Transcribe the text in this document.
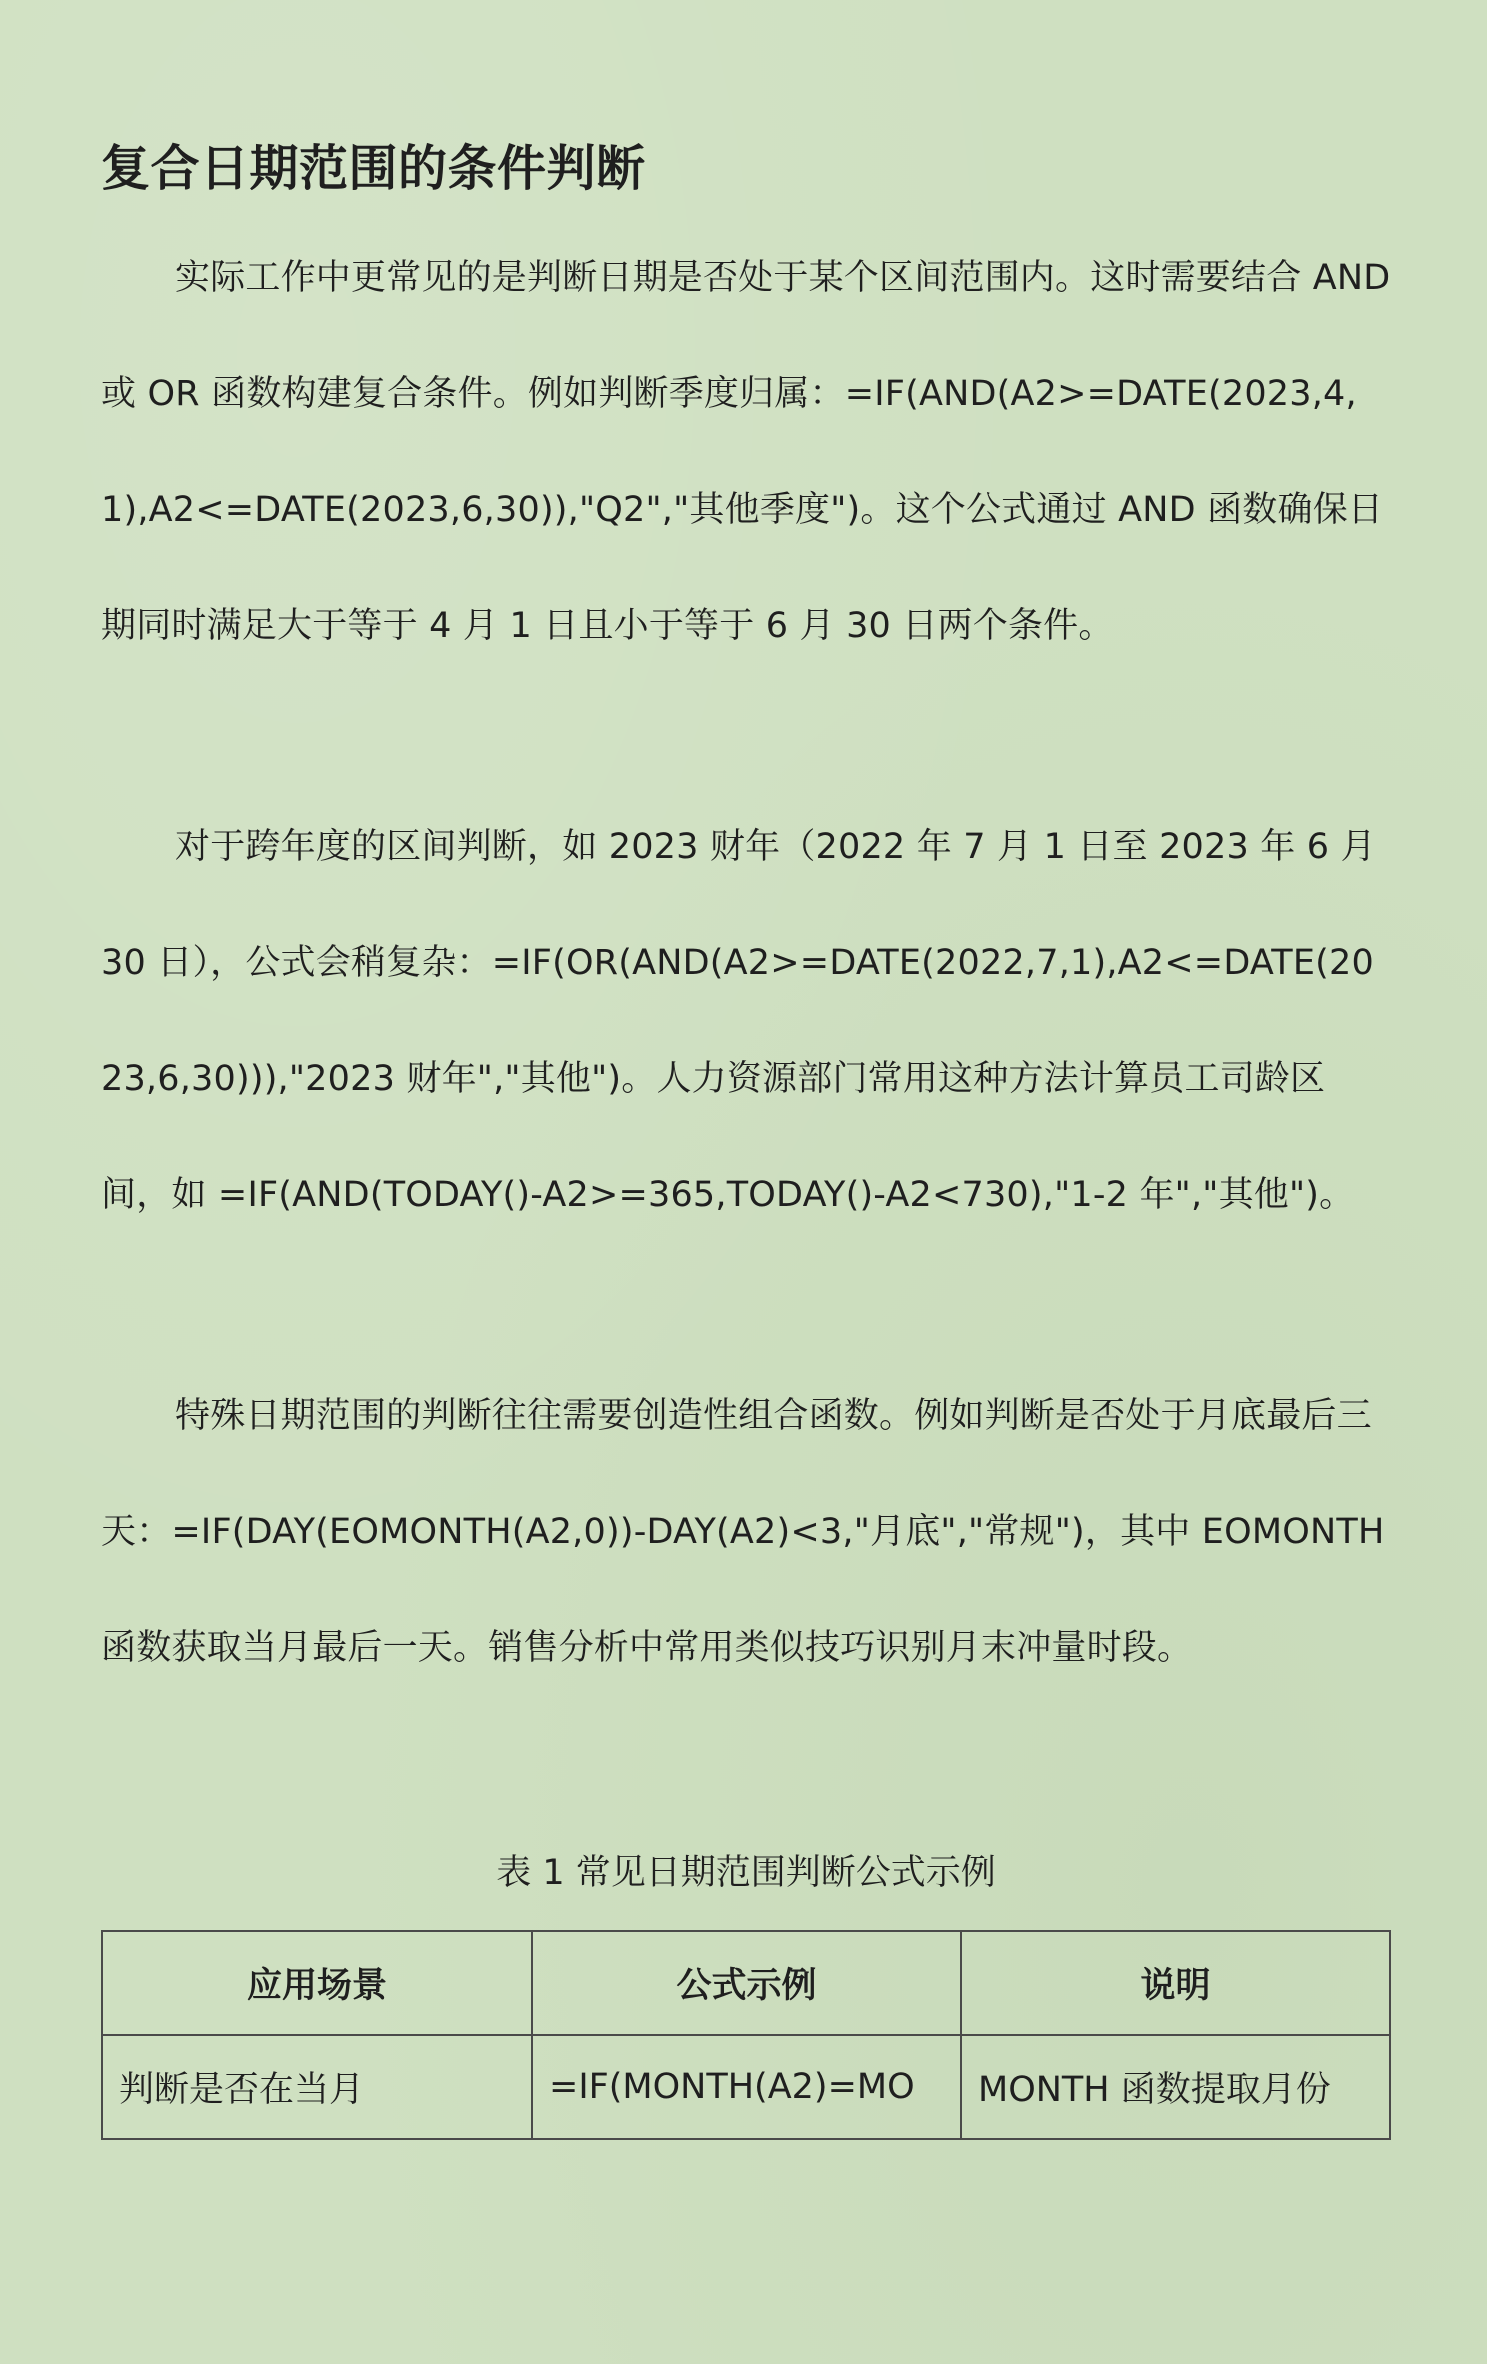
复合日期范围的条件判断

实际工作中更常见的是判断日期是否处于某个区间范围内。这时需要结合 AND 或 OR 函数构建复合条件。例如判断季度归属：=IF(AND(A2>=DATE(2023,4,1),A2<=DATE(2023,6,30)),"Q2","其他季度")。这个公式通过 AND 函数确保日期同时满足大于等于 4 月 1 日且小于等于 6 月 30 日两个条件。

对于跨年度的区间判断，如 2023 财年（2022 年 7 月 1 日至 2023 年 6 月 30 日），公式会稍复杂：=IF(OR(AND(A2>=DATE(2022,7,1),A2<=DATE(2023,6,30))),"2023 财年","其他")。人力资源部门常用这种方法计算员工司龄区间，如 =IF(AND(TODAY()-A2>=365,TODAY()-A2<730),"1-2 年","其他")。

特殊日期范围的判断往往需要创造性组合函数。例如判断是否处于月底最后三天：=IF(DAY(EOMONTH(A2,0))-DAY(A2)<3,"月底","常规")，其中 EOMONTH 函数获取当月最后一天。销售分析中常用类似技巧识别月末冲量时段。

表 1 常见日期范围判断公式示例

应用场景	公式示例	说明
判断是否在当月	=IF(MONTH(A2)=MO	MONTH 函数提取月份
